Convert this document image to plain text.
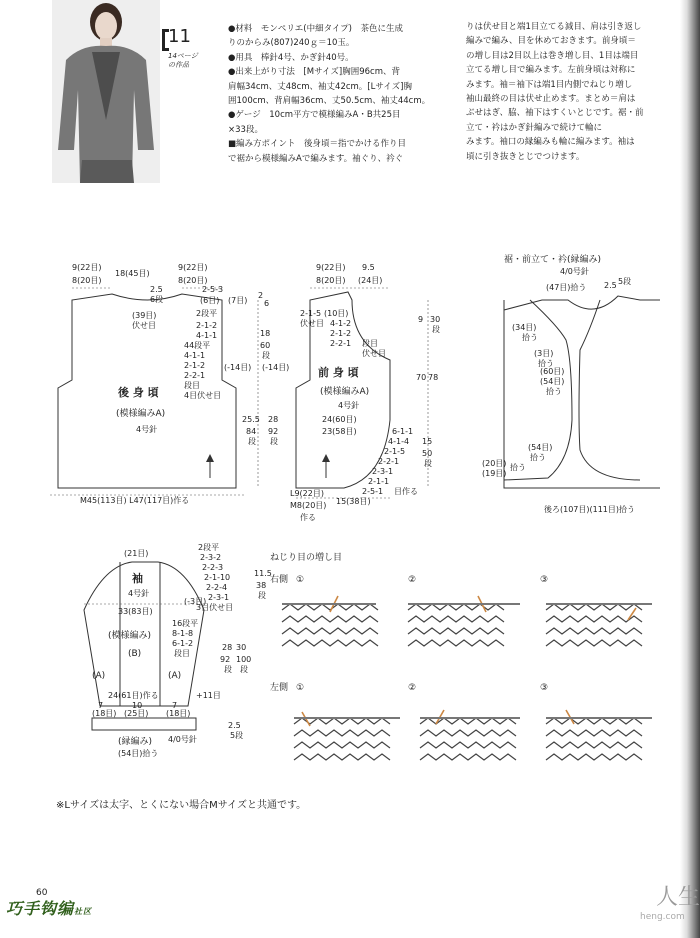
11
14ページ
の作品

●材料　モンペリエ(中細タイプ)　茶色に生成

りのからみ(807)240ｇ＝10玉。

●用具　棒針4号、かぎ針40号。

●出来上がり寸法　[Mサイズ]胸囲96cm、背

肩幅34cm、丈48cm、袖丈42cm。[Lサイズ]胸

囲100cm、背肩幅36cm、丈50.5cm、袖丈44cm。

●ゲージ　10cm平方で模様編みA・B共25目

×33段。

■編み方ポイント　後身頃＝指でかける作り目

で裾から模様編みAで編みます。袖ぐり、衿ぐ

りは伏せ目と端1目立てる減目、肩は引き返し

編みで編み、目を休めておきます。前身頃＝

の増し目は2目以上は巻き増し目、1目は端目

立てる増し目で編みます。左前身頃は対称に

みます。袖＝袖下は端1目内側でねじり増し

袖山最終の目は伏せ止めます。まとめ＝肩は

ぶせはぎ、脇、袖下はすくいとじです。裾・前

立て・衿はかぎ針編みで続けて輪に

みます。袖口の縁編みも輪に編みます。袖は

頃に引き抜きとじでつけます。

9(22目)
8(20目)
18(45目)
9(22目)
8(20目)
2.5
6段
(39目)
伏せ目
2-5-3
(6目) (7目)
2段平
2-1-2
4-1-1
44段平
4-1-1
2-1-2
2-2-1
段目
4目伏せ目
(-14目)
2
6
18
60
段
25.5
84
段
28
92
段
後 身 頃
(模様編みA)
4号針
M45(113目) L47(117目)作る
9(22目)
8(20目)
9.5
(24目)
(10目)
4-1-2
2-1-2
2-2-1 段目
伏せ目
2-1-5
伏せ目	9 30
段
(-14目)	前 身 頃
(模様編みA)
4号針
24(60目)
23(58目)
70 78
6-1-1
4-1-4
2-1-5
2-2-1
2-3-1
2-1-1
2-5-1 目作る
15
50
段
L9(22目)
M8(20目)
作る
15(38目)
裾・前立て・衿(縁編み)
4/0号針
(47目)拾う 2.5 5段
(34目)
拾う
(3目)
拾う
(60目)
(54目)
拾う
(54目)
拾う
(20目)
(19目)
拾う
後ろ(107目)(111目)拾う
(21目)
2段平
2-3-2
2-2-3
2-1-10
2-2-4
2-3-1
3目伏せ目
袖
4号針
33(83目)
(-3目)
11.5
38
段
(模様編み)
(B)
16段平
8-1-8
6-1-2
段目
(A)	(A)
24(61目)作る
7
(18目)
10
(25目)
7
(18目)
+11目
28
92
段
30
100
段
(縁編み) 4/0号針
(54目)拾う
2.5
5段
ねじり目の増し目
右側 ①	②	③
左側 ①	②	③
※Lサイズは太字、とくにない場合Mサイズと共通です。
60
巧手钩编社区
人生
heng.com
